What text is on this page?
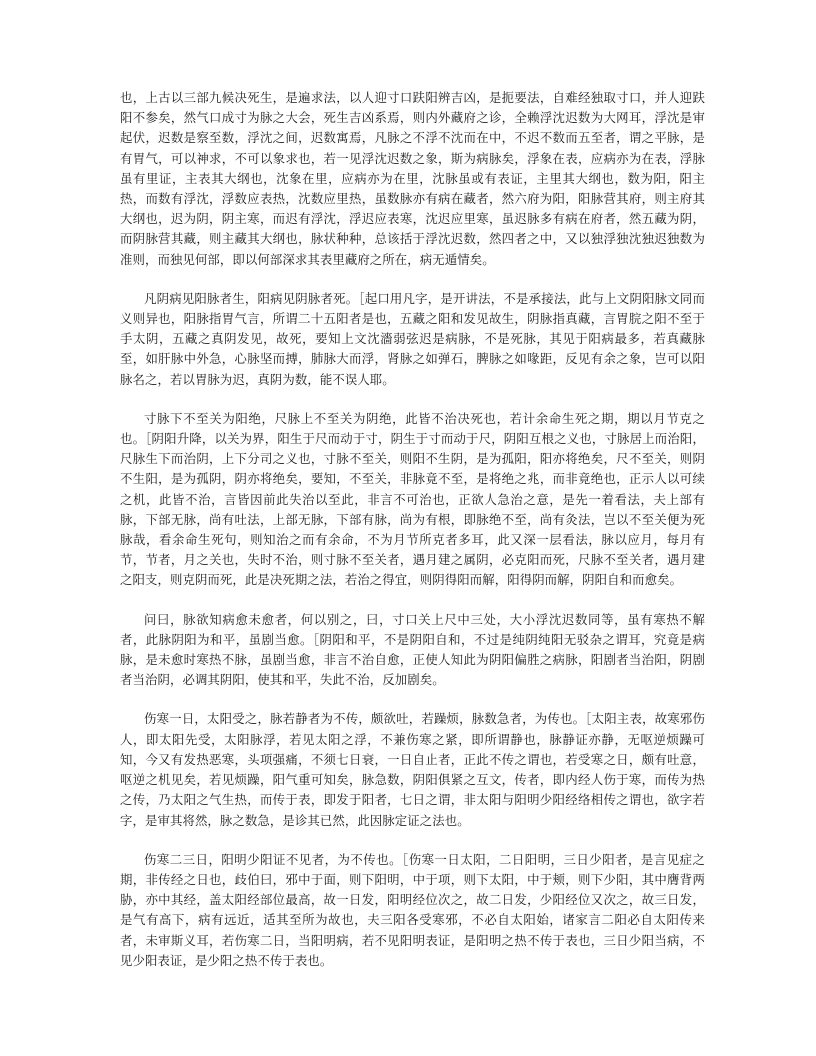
也，上古以三部九候决死生，是遍求法，以人迎寸口趺阳辨吉凶，是扼要法，自难经独取寸口，并人迎趺阳不参矣，然气口成寸为脉之大会，死生吉凶系焉，则内外藏府之诊，全赖浮沈迟数为大网耳，浮沈是审起伏，迟数是察至数，浮沈之间，迟数寓焉，凡脉之不浮不沈而在中，不迟不数而五至者，谓之平脉，是有胃气，可以神求，不可以象求也，若一见浮沈迟数之象，斯为病脉矣，浮象在表，应病亦为在表，浮脉虽有里证，主表其大纲也，沈象在里，应病亦为在里，沈脉虽或有表证，主里其大纲也，数为阳，阳主热，而数有浮沈，浮数应表热，沈数应里热，虽数脉亦有病在藏者，然六府为阳，阳脉营其府，则主府其大纲也，迟为阴，阴主寒，而迟有浮沈，浮迟应表寒，沈迟应里寒，虽迟脉多有病在府者，然五藏为阴，而阴脉营其藏，则主藏其大纲也，脉状种种，总该括于浮沈迟数，然四者之中，又以独浮独沈独迟独数为准则，而独见何部，即以何部深求其表里藏府之所在，病无遁情矣。

凡阴病见阳脉者生，阳病见阴脉者死。［起口用凡字，是开讲法，不是承接法，此与上文阴阳脉文同而义则异也，阳脉指胃气言，所谓二十五阳者是也，五藏之阳和发见故生，阴脉指真藏，言胃脘之阳不至于手太阴，五藏之真阴发见，故死，要知上文沈濇弱弦迟是病脉，不是死脉，其见于阳病最多，若真藏脉至，如肝脉中外急，心脉坚而搏，肺脉大而浮，肾脉之如弹石，脾脉之如喙距，反见有余之象，岂可以阳脉名之，若以胃脉为迟，真阴为数，能不误人耶。

寸脉下不至关为阳绝，尺脉上不至关为阴绝，此皆不治决死也，若计余命生死之期，期以月节克之也。［阴阳升降，以关为界，阳生于尺而动于寸，阴生于寸而动于尺，阴阳互根之义也，寸脉居上而治阳，尺脉生下而治阴，上下分司之义也，寸脉不至关，则阳不生阴，是为孤阳，阳亦将绝矣，尺不至关，则阴不生阳，是为孤阴，阴亦将绝矣，要知，不至关，非脉竟不至，是将绝之兆，而非竟绝也，正示人以可续之机，此皆不治，言皆因前此失治以至此，非言不可治也，正欲人急治之意，是先一着看法，夫上部有脉，下部无脉，尚有吐法，上部无脉，下部有脉，尚为有根，即脉绝不至，尚有灸法，岂以不至关便为死脉哉，看余命生死句，则知治之而有余命，不为月节所克者多耳，此又深一层看法，脉以应月，每月有节，节者，月之关也，失时不治，则寸脉不至关者，遇月建之属阴，必克阳而死，尺脉不至关者，遇月建之阳支，则克阴而死，此是决死期之法，若治之得宜，则阴得阳而解，阳得阴而解，阴阳自和而愈矣。

问曰，脉欲知病愈未愈者，何以别之，曰，寸口关上尺中三处，大小浮沈迟数同等，虽有寒热不解者，此脉阴阳为和平，虽剧当愈。［阴阳和平，不是阴阳自和，不过是纯阴纯阳无驳杂之谓耳，究竟是病脉，是未愈时寒热不脉，虽剧当愈，非言不治自愈，正使人知此为阴阳偏胜之病脉，阳剧者当治阳，阴剧者当治阴，必调其阴阳，使其和平，失此不治，反加剧矣。

伤寒一日，太阳受之，脉若静者为不传，颇欲吐，若躁烦，脉数急者，为传也。［太阳主表，故寒邪伤人，即太阳先受，太阳脉浮，若见太阳之浮，不兼伤寒之紧，即所谓静也，脉静证亦静，无呕逆烦躁可知，今又有发热恶寒，头项强痛，不须七日衰，一日自止者，正此不传之谓也，若受寒之日，颇有吐意，呕逆之机见矣，若见烦躁，阳气重可知矣，脉急数，阴阳俱紧之互文，传者，即内经人伤于寒，而传为热之传，乃太阳之气生热，而传于表，即发于阳者，七日之谓，非太阳与阳明少阳经络相传之谓也，欲字若字，是审其将然，脉之数急，是诊其已然，此因脉定证之法也。

伤寒二三日，阳明少阳证不见者，为不传也。［伤寒一日太阳，二日阳明，三日少阳者，是言见症之期，非传经之日也，歧伯曰，邪中于面，则下阳明，中于项，则下太阳，中于颊，则下少阳，其中膺背两胁，亦中其经，盖太阳经部位最高，故一日发，阳明经位次之，故二日发，少阳经位又次之，故三日发，是气有高下，病有远近，适其至所为故也，夫三阳各受寒邪，不必自太阳始，诸家言二阳必自太阳传来者，未审斯义耳，若伤寒二日，当阳明病，若不见阳明表证，是阳明之热不传于表也，三日少阳当病，不见少阳表证，是少阳之热不传于表也。
